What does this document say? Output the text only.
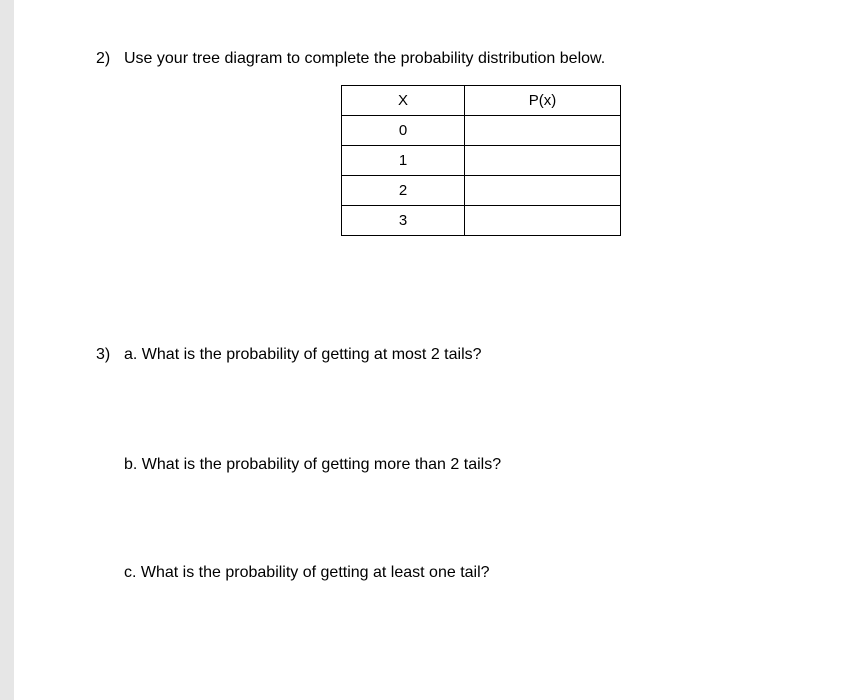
2) Use your tree diagram to complete the probability distribution below.
X	P(x)
0	
1	
2	
3	
3) a. What is the probability of getting at most 2 tails?
b. What is the probability of getting more than 2 tails?
c. What is the probability of getting at least one tail?
